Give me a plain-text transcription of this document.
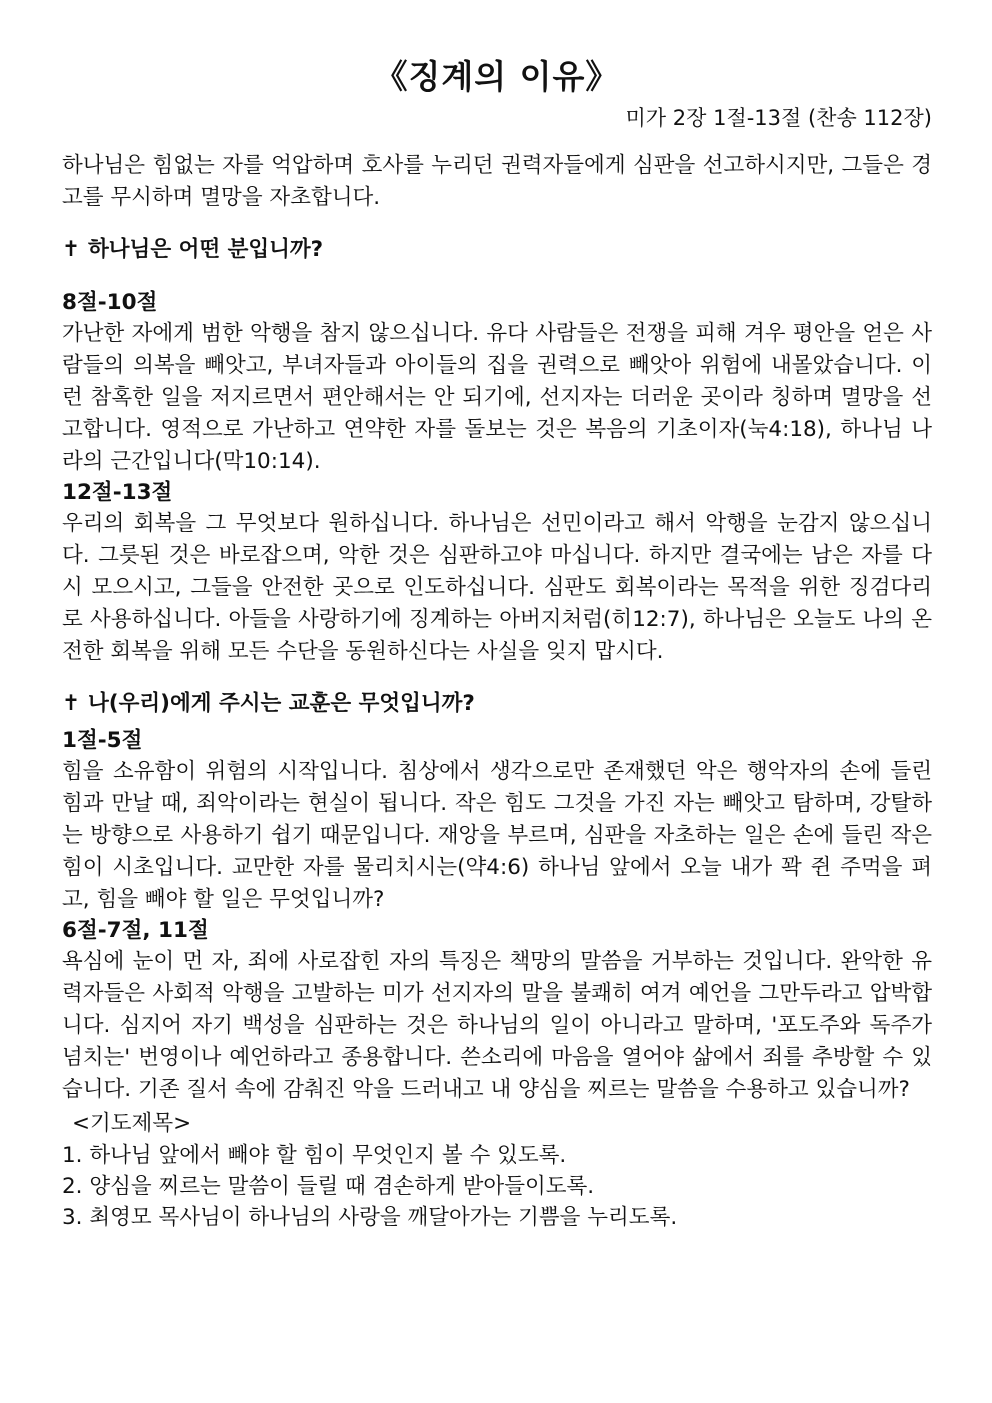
《징계의 이유》
미가 2장 1절-13절 (찬송 112장)

하나님은 힘없는 자를 억압하며 호사를 누리던 권력자들에게 심판을 선고하시지만, 그들은 경고를 무시하며 멸망을 자초합니다.

✝ 하나님은 어떤 분입니까?
8절-10절

가난한 자에게 범한 악행을 참지 않으십니다. 유다 사람들은 전쟁을 피해 겨우 평안을 얻은 사람들의 의복을 빼앗고, 부녀자들과 아이들의 집을 권력으로 빼앗아 위험에 내몰았습니다. 이런 참혹한 일을 저지르면서 편안해서는 안 되기에, 선지자는 더러운 곳이라 칭하며 멸망을 선고합니다. 영적으로 가난하고 연약한 자를 돌보는 것은 복음의 기초이자(눅4:18), 하나님 나라의 근간입니다(막10:14).

12절-13절

우리의 회복을 그 무엇보다 원하십니다. 하나님은 선민이라고 해서 악행을 눈감지 않으십니다. 그릇된 것은 바로잡으며, 악한 것은 심판하고야 마십니다. 하지만 결국에는 남은 자를 다시 모으시고, 그들을 안전한 곳으로 인도하십니다. 심판도 회복이라는 목적을 위한 징검다리로 사용하십니다. 아들을 사랑하기에 징계하는 아버지처럼(히12:7), 하나님은 오늘도 나의 온전한 회복을 위해 모든 수단을 동원하신다는 사실을 잊지 맙시다.

✝ 나(우리)에게 주시는 교훈은 무엇입니까?
1절-5절

힘을 소유함이 위험의 시작입니다. 침상에서 생각으로만 존재했던 악은 행악자의 손에 들린 힘과 만날 때, 죄악이라는 현실이 됩니다. 작은 힘도 그것을 가진 자는 빼앗고 탐하며, 강탈하는 방향으로 사용하기 쉽기 때문입니다. 재앙을 부르며, 심판을 자초하는 일은 손에 들린 작은 힘이 시초입니다. 교만한 자를 물리치시는(약4:6) 하나님 앞에서 오늘 내가 꽉 쥔 주먹을 펴고, 힘을 빼야 할 일은 무엇입니까?

6절-7절, 11절

욕심에 눈이 먼 자, 죄에 사로잡힌 자의 특징은 책망의 말씀을 거부하는 것입니다. 완악한 유력자들은 사회적 악행을 고발하는 미가 선지자의 말을 불쾌히 여겨 예언을 그만두라고 압박합니다. 심지어 자기 백성을 심판하는 것은 하나님의 일이 아니라고 말하며, '포도주와 독주가 넘치는' 번영이나 예언하라고 종용합니다. 쓴소리에 마음을 열어야 삶에서 죄를 추방할 수 있습니다. 기존 질서 속에 감춰진 악을 드러내고 내 양심을 찌르는 말씀을 수용하고 있습니까?

<기도제목>
1. 하나님 앞에서 빼야 할 힘이 무엇인지 볼 수 있도록.
2. 양심을 찌르는 말씀이 들릴 때 겸손하게 받아들이도록.
3. 최영모 목사님이 하나님의 사랑을 깨달아가는 기쁨을 누리도록.
